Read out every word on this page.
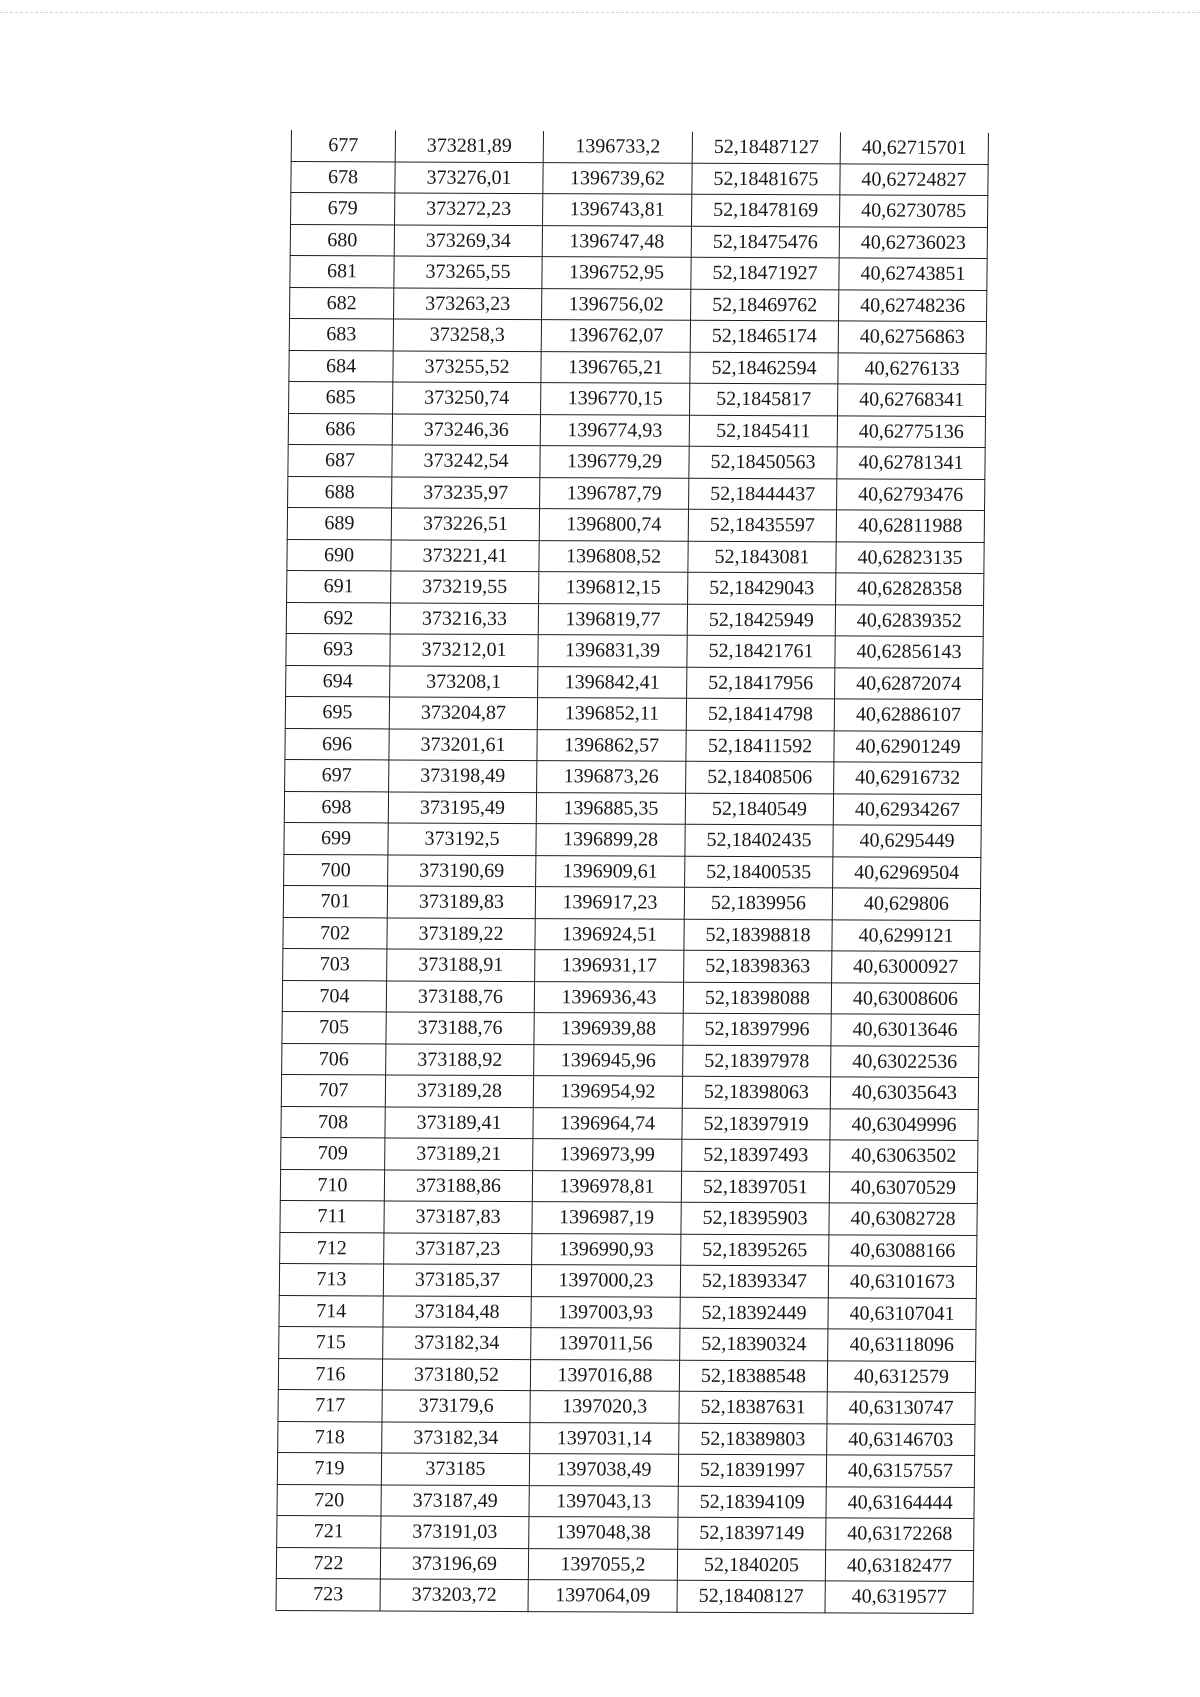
677	373281,89	1396733,2	52,18487127	40,62715701
678	373276,01	1396739,62	52,18481675	40,62724827
679	373272,23	1396743,81	52,18478169	40,62730785
680	373269,34	1396747,48	52,18475476	40,62736023
681	373265,55	1396752,95	52,18471927	40,62743851
682	373263,23	1396756,02	52,18469762	40,62748236
683	373258,3	1396762,07	52,18465174	40,62756863
684	373255,52	1396765,21	52,18462594	40,6276133
685	373250,74	1396770,15	52,1845817	40,62768341
686	373246,36	1396774,93	52,1845411	40,62775136
687	373242,54	1396779,29	52,18450563	40,62781341
688	373235,97	1396787,79	52,18444437	40,62793476
689	373226,51	1396800,74	52,18435597	40,62811988
690	373221,41	1396808,52	52,1843081	40,62823135
691	373219,55	1396812,15	52,18429043	40,62828358
692	373216,33	1396819,77	52,18425949	40,62839352
693	373212,01	1396831,39	52,18421761	40,62856143
694	373208,1	1396842,41	52,18417956	40,62872074
695	373204,87	1396852,11	52,18414798	40,62886107
696	373201,61	1396862,57	52,18411592	40,62901249
697	373198,49	1396873,26	52,18408506	40,62916732
698	373195,49	1396885,35	52,1840549	40,62934267
699	373192,5	1396899,28	52,18402435	40,6295449
700	373190,69	1396909,61	52,18400535	40,62969504
701	373189,83	1396917,23	52,1839956	40,629806
702	373189,22	1396924,51	52,18398818	40,6299121
703	373188,91	1396931,17	52,18398363	40,63000927
704	373188,76	1396936,43	52,18398088	40,63008606
705	373188,76	1396939,88	52,18397996	40,63013646
706	373188,92	1396945,96	52,18397978	40,63022536
707	373189,28	1396954,92	52,18398063	40,63035643
708	373189,41	1396964,74	52,18397919	40,63049996
709	373189,21	1396973,99	52,18397493	40,63063502
710	373188,86	1396978,81	52,18397051	40,63070529
711	373187,83	1396987,19	52,18395903	40,63082728
712	373187,23	1396990,93	52,18395265	40,63088166
713	373185,37	1397000,23	52,18393347	40,63101673
714	373184,48	1397003,93	52,18392449	40,63107041
715	373182,34	1397011,56	52,18390324	40,63118096
716	373180,52	1397016,88	52,18388548	40,6312579
717	373179,6	1397020,3	52,18387631	40,63130747
718	373182,34	1397031,14	52,18389803	40,63146703
719	373185	1397038,49	52,18391997	40,63157557
720	373187,49	1397043,13	52,18394109	40,63164444
721	373191,03	1397048,38	52,18397149	40,63172268
722	373196,69	1397055,2	52,1840205	40,63182477
723	373203,72	1397064,09	52,18408127	40,6319577
